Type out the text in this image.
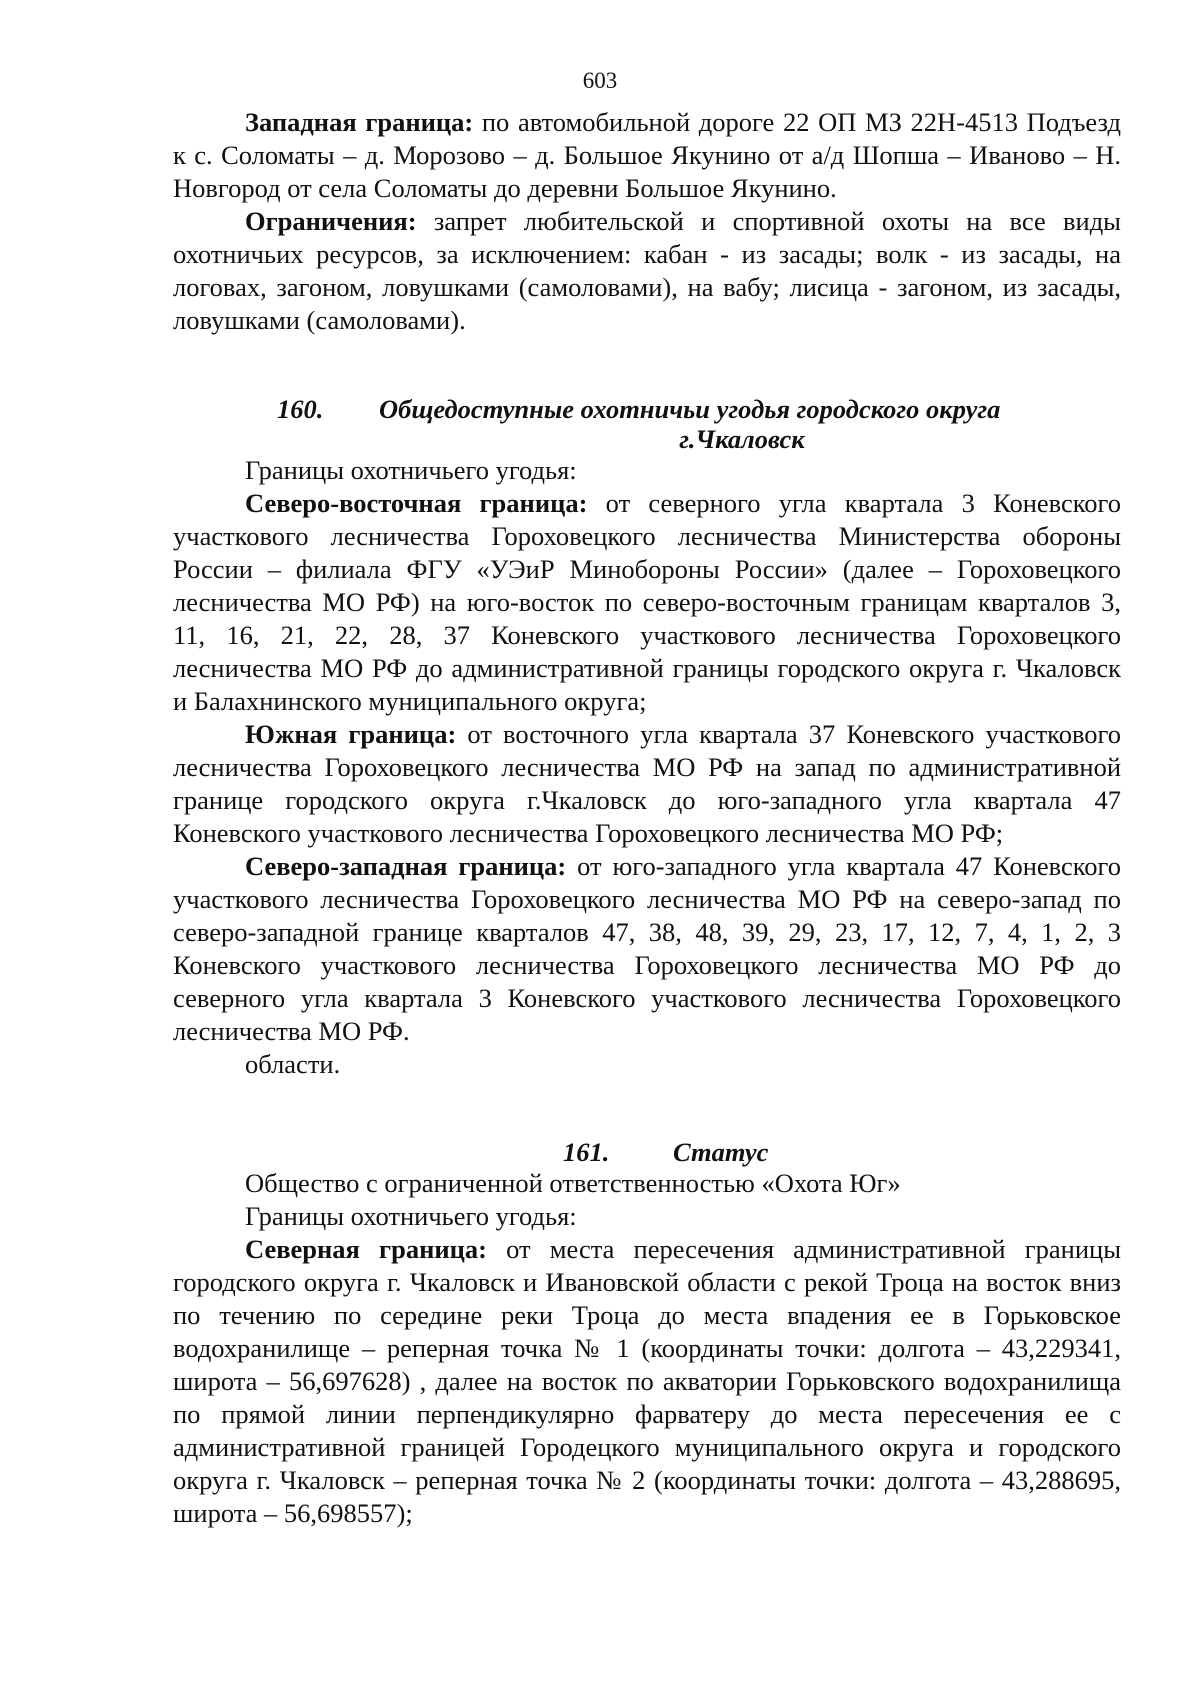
603

Западная граница: по автомобильной дороге 22 ОП МЗ 22Н-4513 Подъезд к с. Соломаты – д. Морозово – д. Большое Якунино от а/д Шопша – Иваново – Н. Новгород от села Соломаты до деревни Большое Якунино.

Ограничения: запрет любительской и спортивной охоты на все виды охотничьих ресурсов, за исключением: кабан - из засады; волк - из засады, на логовах, загоном, ловушками (самоловами), на вабу; лисица - загоном, из засады, ловушками (самоловами).

160.	Общедоступные охотничьи угодья городского округа
г.Чкаловск

Границы охотничьего угодья:

Северо-восточная граница: от северного угла квартала 3 Коневского участкового лесничества Гороховецкого лесничества Министерства обороны России – филиала ФГУ «УЭиР Минобороны России» (далее – Гороховецкого лесничества МО РФ) на юго-восток по северо-восточным границам кварталов 3, 11, 16, 21, 22, 28, 37 Коневского участкового лесничества Гороховецкого лесничества МО РФ до административной границы городского округа г. Чкаловск и Балахнинского муниципального округа;

Южная граница: от восточного угла квартала 37 Коневского участкового лесничества Гороховецкого лесничества МО РФ на запад по административной границе городского округа г.Чкаловск до юго-западного угла квартала 47 Коневского участкового лесничества Гороховецкого лесничества МО РФ;

Северо-западная граница: от юго-западного угла квартала 47 Коневского участкового лесничества Гороховецкого лесничества МО РФ на северо-запад по северо-западной границе кварталов 47, 38, 48, 39, 29, 23, 17, 12, 7, 4, 1, 2, 3 Коневского участкового лесничества Гороховецкого лесничества МО РФ до северного угла квартала 3 Коневского участкового лесничества Гороховецкого лесничества МО РФ.

области.

161. Статус

Общество с ограниченной ответственностью «Охота Юг»

Границы охотничьего угодья:

Северная граница: от места пересечения административной границы городского округа г. Чкаловск и Ивановской области с рекой Троца на восток вниз по течению по середине реки Троца до места впадения ее в Горьковское водохранилище – реперная точка № 1 (координаты точки: долгота – 43,229341, широта – 56,697628) , далее на восток по акватории Горьковского водохранилища по прямой линии перпендикулярно фарватеру до места пересечения ее с административной границей Городецкого муниципального округа и городского округа г. Чкаловск – реперная точка № 2 (координаты точки: долгота – 43,288695, широта – 56,698557);
